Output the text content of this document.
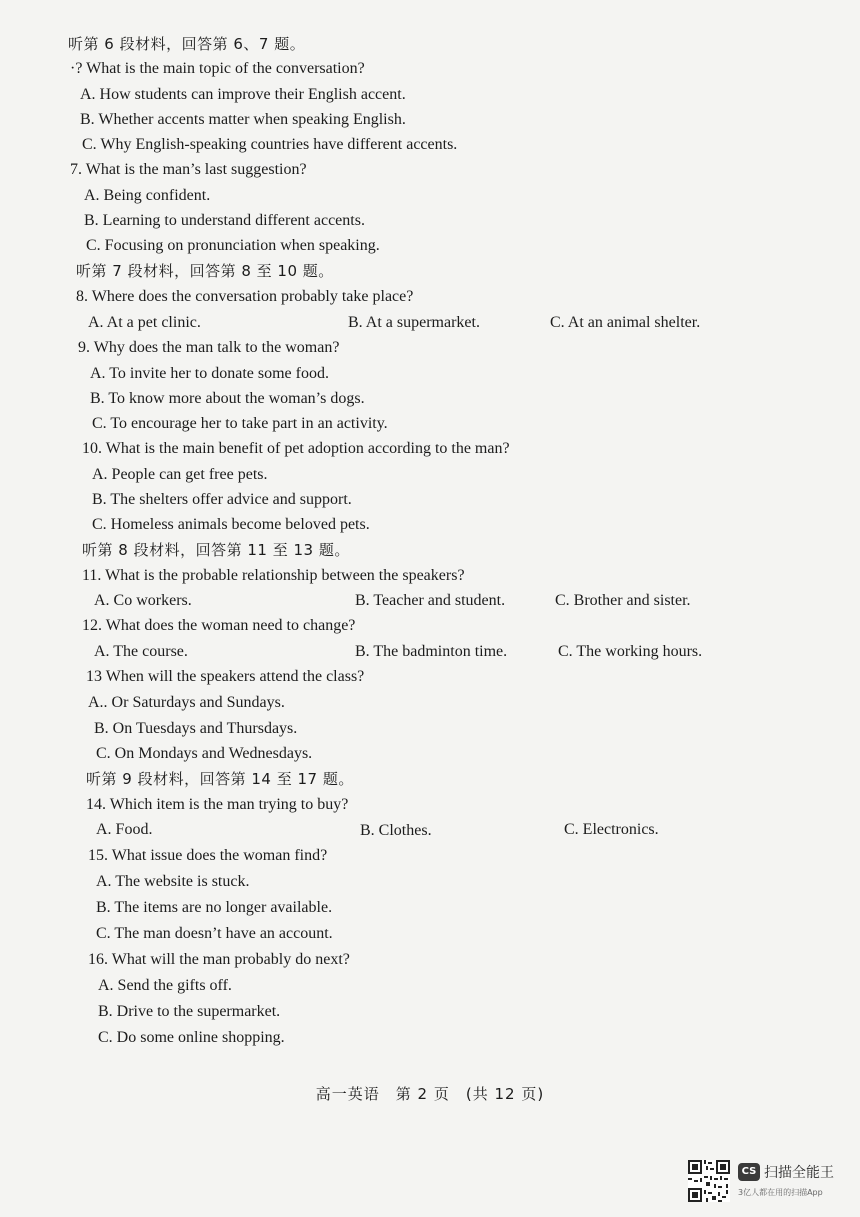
听第 6 段材料，回答第 6、7 题。
·? What is the main topic of the conversation?
A. How students can improve their English accent.
B. Whether accents matter when speaking English.
C. Why English-speaking countries have different accents.
7. What is the man’s last suggestion?
A. Being confident.
B. Learning to understand different accents.
C. Focusing on pronunciation when speaking.
听第 7 段材料，回答第 8 至 10 题。
8. Where does the conversation probably take place?
A. At a pet clinic.	B. At a supermarket.	C. At an animal shelter.
9. Why does the man talk to the woman?
A. To invite her to donate some food.
B. To know more about the woman’s dogs.
C. To encourage her to take part in an activity.
10. What is the main benefit of pet adoption according to the man?
A. People can get free pets.
B. The shelters offer advice and support.
C. Homeless animals become beloved pets.
听第 8 段材料，回答第 11 至 13 题。
11. What is the probable relationship between the speakers?
A. Co workers.	B. Teacher and student.	C. Brother and sister.
12. What does the woman need to change?
A. The course.	B. The badminton time.	C. The working hours.
13 When will the speakers attend the class?
A.. Or Saturdays and Sundays.
B. On Tuesdays and Thursdays.
C. On Mondays and Wednesdays.
听第 9 段材料，回答第 14 至 17 题。
14. Which item is the man trying to buy?
A. Food.	B. Clothes.	C. Electronics.
15. What issue does the woman find?
A. The website is stuck.
B. The items are no longer available.
C. The man doesn’t have an account.
16. What will the man probably do next?
A. Send the gifts off.
B. Drive to the supermarket.
C. Do some online shopping.
高一英语　第 2 页　(共 12 页)
CS 扫描全能王
3亿人都在用的扫描App
